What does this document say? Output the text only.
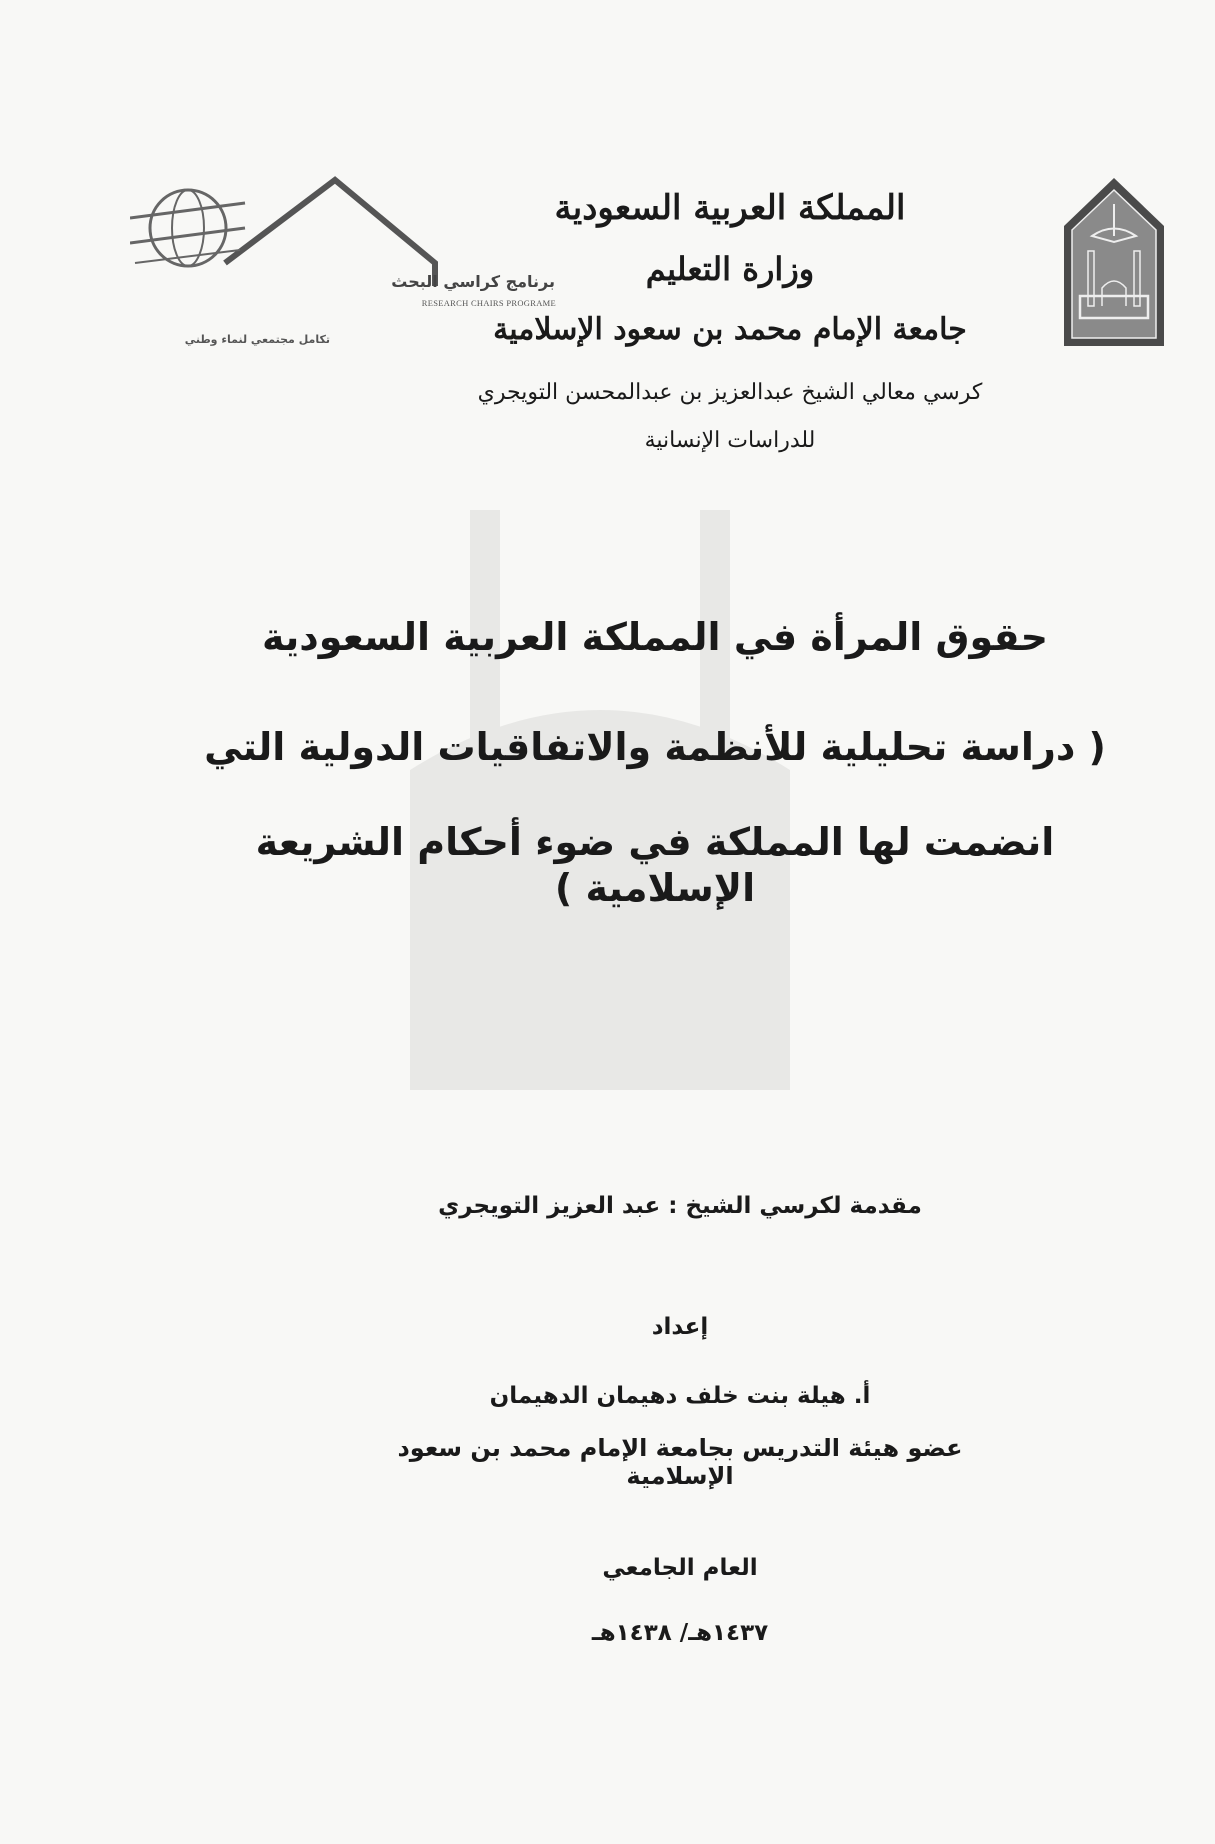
برنامج كراسي البحث
RESEARCH CHAIRS PROGRAME
تكامل مجتمعي لنماء وطني
المملكة العربية السعودية
وزارة التعليم
جامعة الإمام محمد بن سعود الإسلامية
كرسي معالي الشيخ عبدالعزيز بن عبدالمحسن التويجري
للدراسات الإنسانية
حقوق المرأة في المملكة العربية السعودية
( دراسة تحليلية للأنظمة والاتفاقيات الدولية التي
انضمت لها المملكة في ضوء أحكام الشريعة الإسلامية )
مقدمة لكرسي الشيخ : عبد العزيز التويجري
إعداد
أ. هيلة بنت خلف دهيمان الدهيمان
عضو هيئة التدريس بجامعة الإمام محمد بن سعود الإسلامية
العام الجامعي
١٤٣٧هـ/ ١٤٣٨هـ
